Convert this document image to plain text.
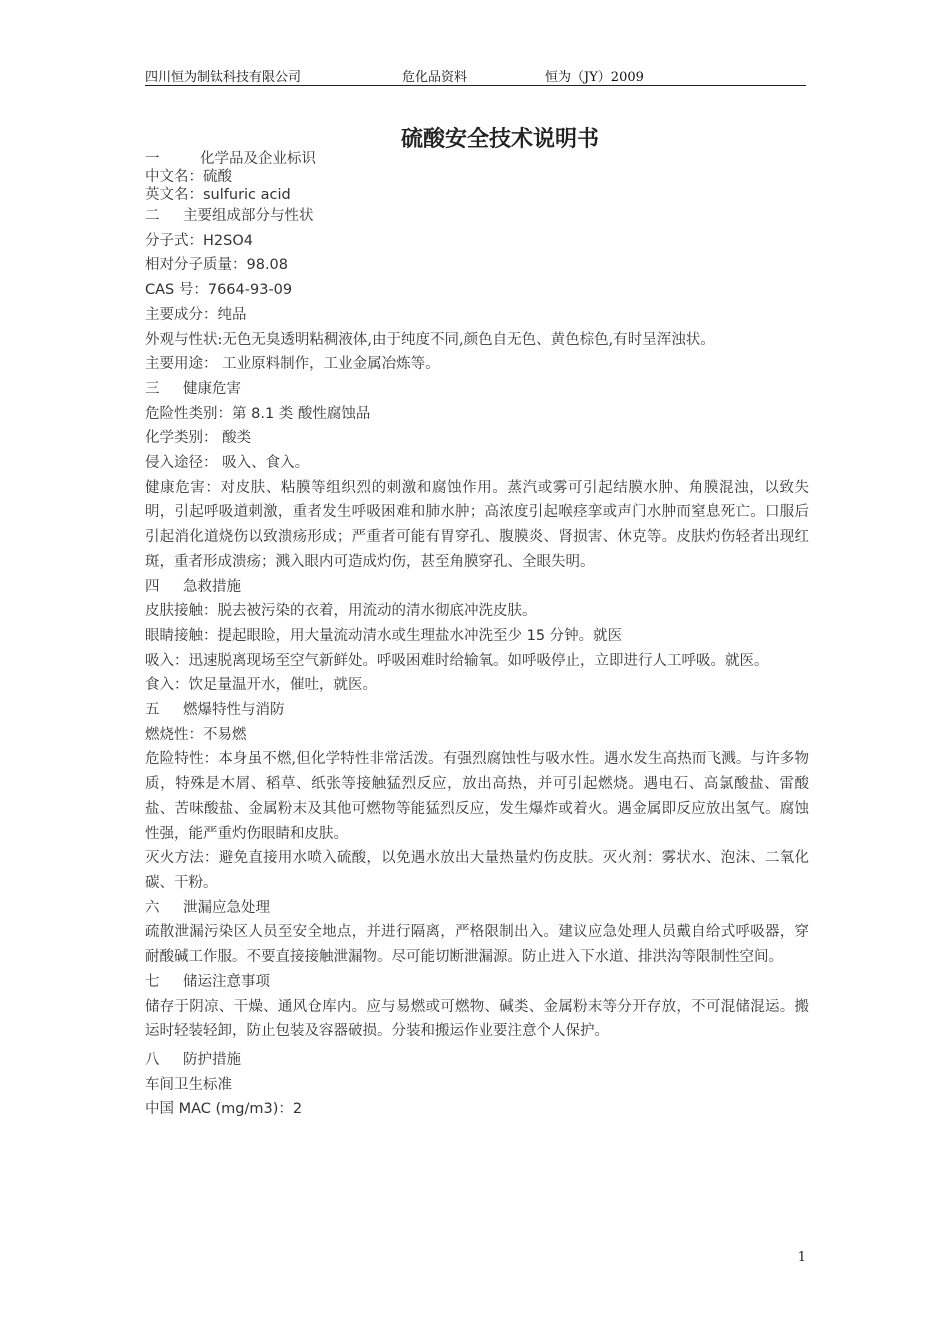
四川恒为制钛科技有限公司	危化品资料	恒为（JY）2009
硫酸安全技术说明书
一	化学品及企业标识
中文名：硫酸
英文名：sulfuric acid
二 主要组成部分与性状
分子式：H2SO4
相对分子质量：98.08
CAS 号：7664-93-09
主要成分：纯品
外观与性状:无色无臭透明粘稠液体,由于纯度不同,颜色自无色、黄色棕色,有时呈浑浊状。
主要用途： 工业原料制作，工业金属冶炼等。
三 健康危害
危险性类别：第 8.1 类 酸性腐蚀品
化学类别： 酸类
侵入途径： 吸入、食入。
健康危害：对皮肤、粘膜等组织烈的刺激和腐蚀作用。蒸汽或雾可引起结膜水肿、角膜混浊，以致失明，引起呼吸道刺激，重者发生呼吸困难和肺水肿；高浓度引起喉痉挛或声门水肿而窒息死亡。口服后引起消化道烧伤以致溃疡形成；严重者可能有胃穿孔、腹膜炎、肾损害、休克等。皮肤灼伤轻者出现红斑，重者形成溃疡；溅入眼内可造成灼伤，甚至角膜穿孔、全眼失明。
四 急救措施
皮肤接触：脱去被污染的衣着，用流动的清水彻底冲洗皮肤。
眼睛接触：提起眼睑，用大量流动清水或生理盐水冲洗至少 15 分钟。就医
吸入：迅速脱离现场至空气新鲜处。呼吸困难时给输氧。如呼吸停止，立即进行人工呼吸。就医。
食入：饮足量温开水，催吐，就医。
五 燃爆特性与消防
燃烧性：不易燃
危险特性：本身虽不燃,但化学特性非常活泼。有强烈腐蚀性与吸水性。遇水发生高热而飞溅。与许多物质，特殊是木屑、稻草、纸张等接触猛烈反应，放出高热，并可引起燃烧。遇电石、高氯酸盐、雷酸盐、苦味酸盐、金属粉末及其他可燃物等能猛烈反应，发生爆炸或着火。遇金属即反应放出氢气。腐蚀性强，能严重灼伤眼睛和皮肤。
灭火方法：避免直接用水喷入硫酸，以免遇水放出大量热量灼伤皮肤。灭火剂：雾状水、泡沫、二氧化碳、干粉。
六 泄漏应急处理
疏散泄漏污染区人员至安全地点，并进行隔离，严格限制出入。建议应急处理人员戴自给式呼吸器，穿耐酸碱工作服。不要直接接触泄漏物。尽可能切断泄漏源。防止进入下水道、排洪沟等限制性空间。
七 储运注意事项
储存于阴凉、干燥、通风仓库内。应与易燃或可燃物、碱类、金属粉末等分开存放，不可混储混运。搬运时轻装轻卸，防止包装及容器破损。分装和搬运作业要注意个人保护。
八 防护措施
车间卫生标准
中国 MAC (mg/m3)：2
1
